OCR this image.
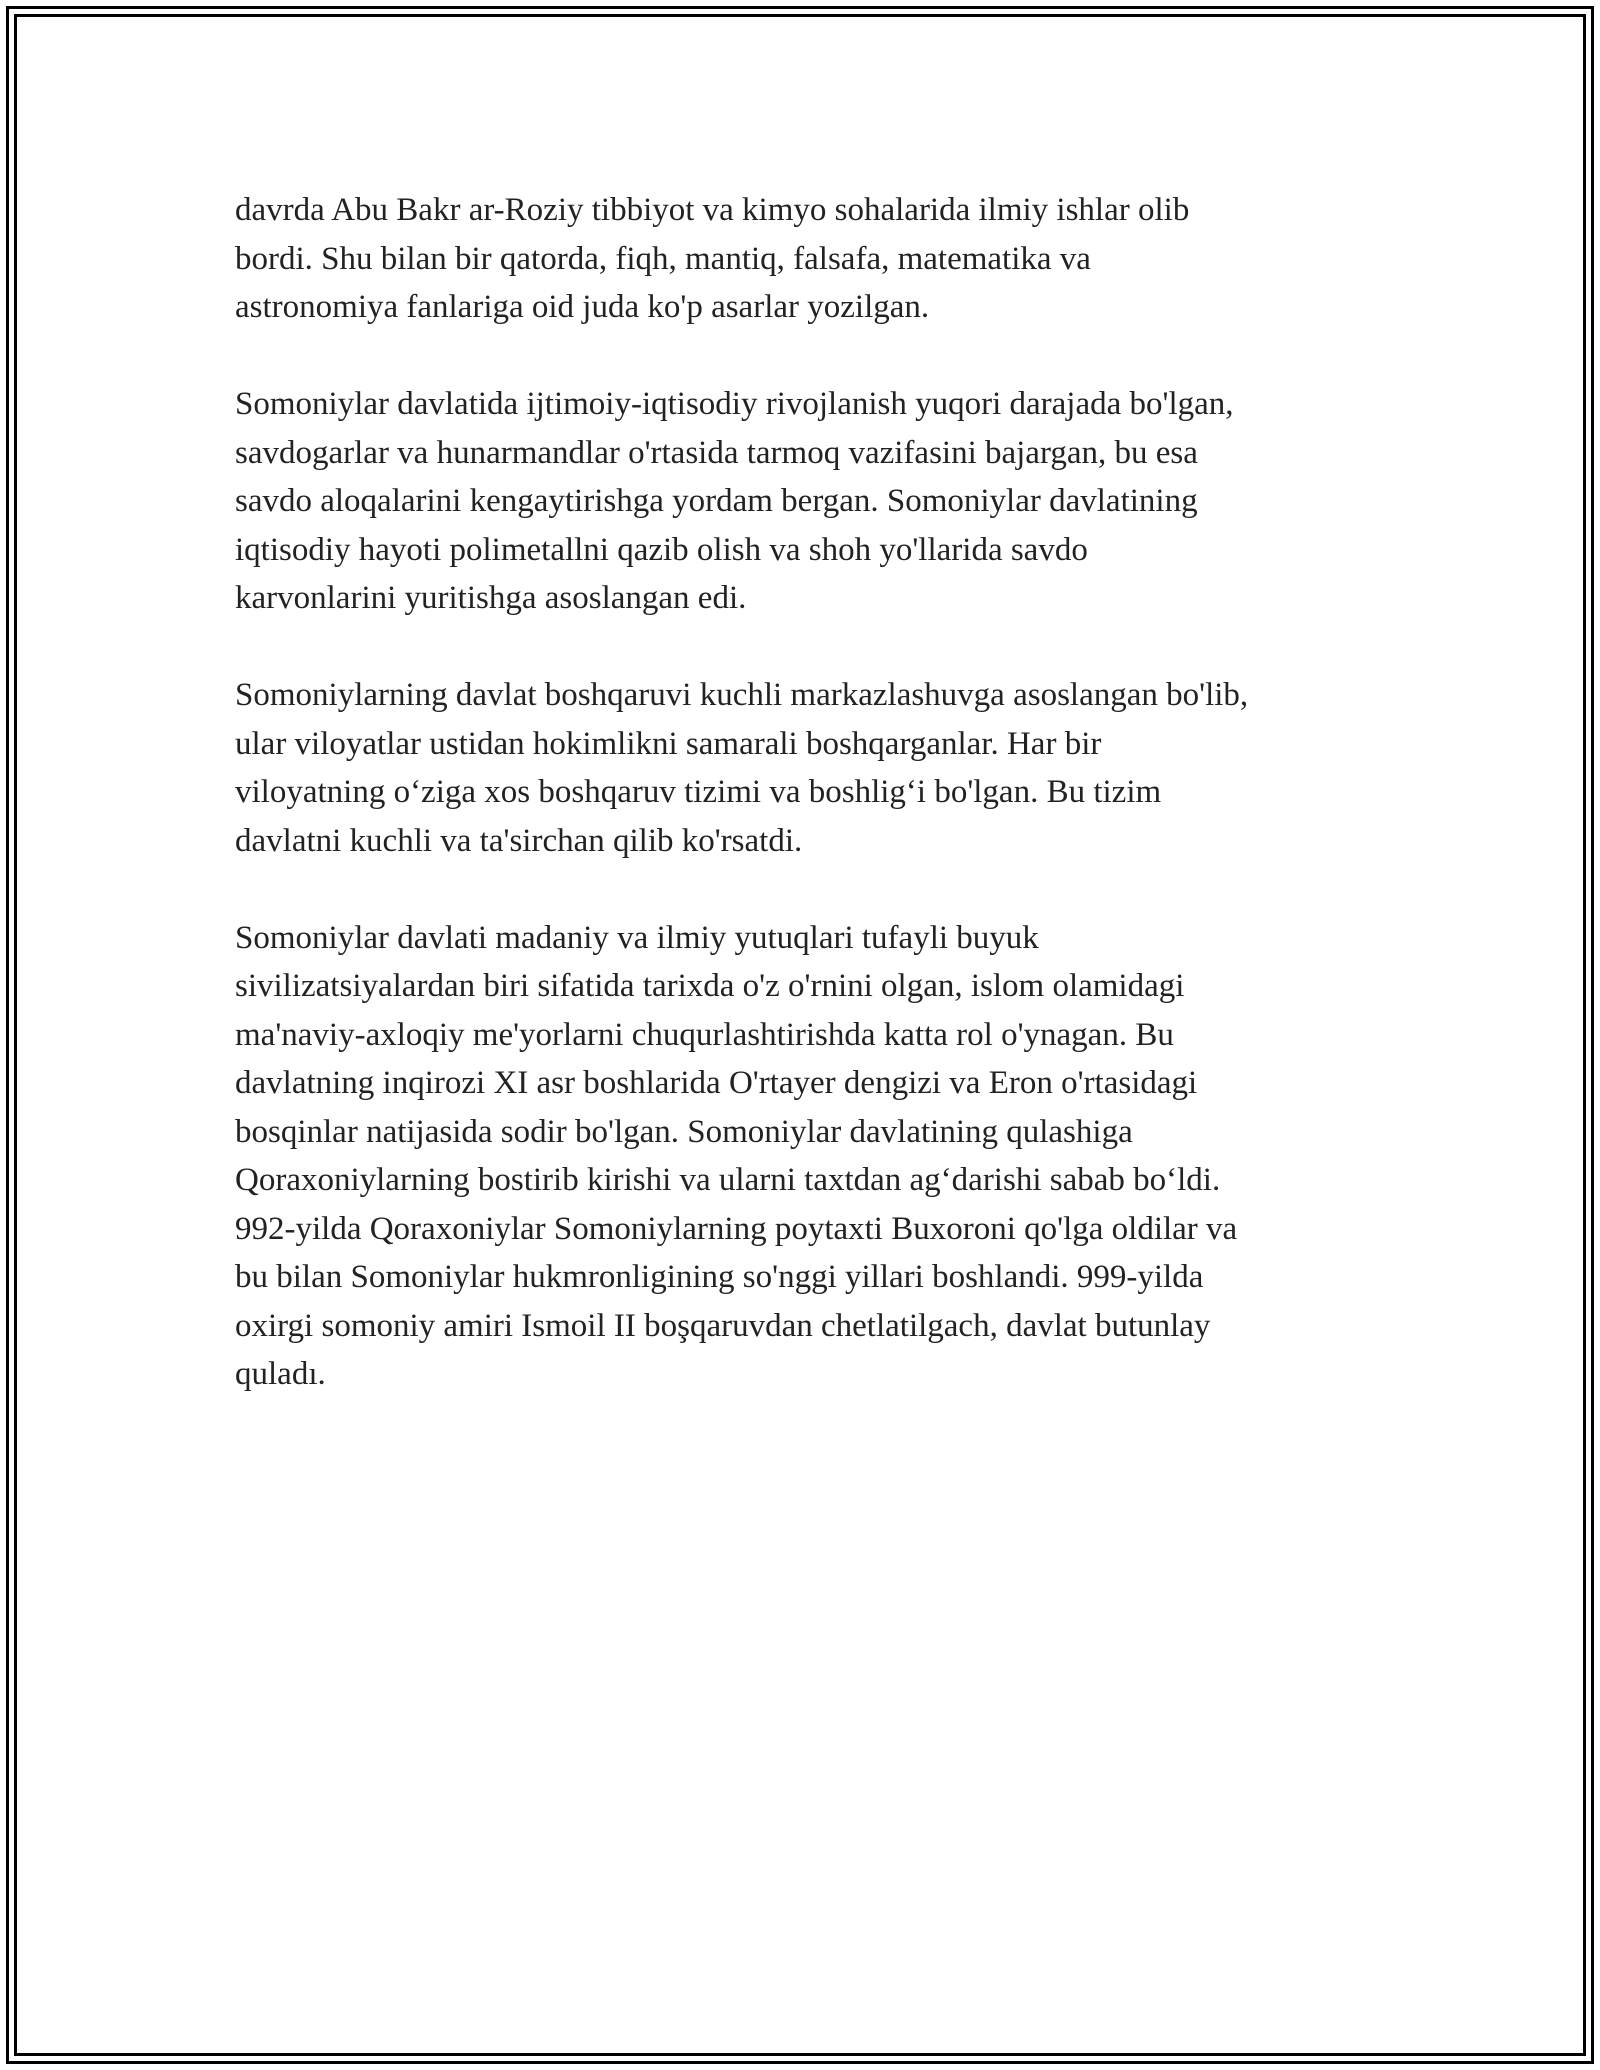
davrda Abu Bakr ar-Roziy tibbiyot va kimyo sohalarida ilmiy ishlar olib
bordi. Shu bilan bir qatorda, fiqh, mantiq, falsafa, matematika va
astronomiya fanlariga oid juda ko'p asarlar yozilgan.

Somoniylar davlatida ijtimoiy-iqtisodiy rivojlanish yuqori darajada bo'lgan,
savdogarlar va hunarmandlar o'rtasida tarmoq vazifasini bajargan, bu esa
savdo aloqalarini kengaytirishga yordam bergan. Somoniylar davlatining
iqtisodiy hayoti polimetallni qazib olish va shoh yo'llarida savdo
karvonlarini yuritishga asoslangan edi.

Somoniylarning davlat boshqaruvi kuchli markazlashuvga asoslangan bo'lib,
ular viloyatlar ustidan hokimlikni samarali boshqarganlar. Har bir
viloyatning o‘ziga xos boshqaruv tizimi va boshlig‘i bo'lgan. Bu tizim
davlatni kuchli va ta'sirchan qilib ko'rsatdi.

Somoniylar davlati madaniy va ilmiy yutuqlari tufayli buyuk
sivilizatsiyalardan biri sifatida tarixda o'z o'rnini olgan, islom olamidagi
ma'naviy-axloqiy me'yorlarni chuqurlashtirishda katta rol o'ynagan. Bu
davlatning inqirozi XI asr boshlarida O'rtayer dengizi va Eron o'rtasidagi
bosqinlar natijasida sodir bo'lgan. Somoniylar davlatining qulashiga
Qoraxoniylarning bostirib kirishi va ularni taxtdan ag‘darishi sabab bo‘ldi.
992-yilda Qoraxoniylar Somoniylarning poytaxti Buxoroni qo'lga oldilar va
bu bilan Somoniylar hukmronligining so'nggi yillari boshlandi. 999-yilda
oxirgi somoniy amiri Ismoil II boşqaruvdan chetlatilgach, davlat butunlay
quladı.
